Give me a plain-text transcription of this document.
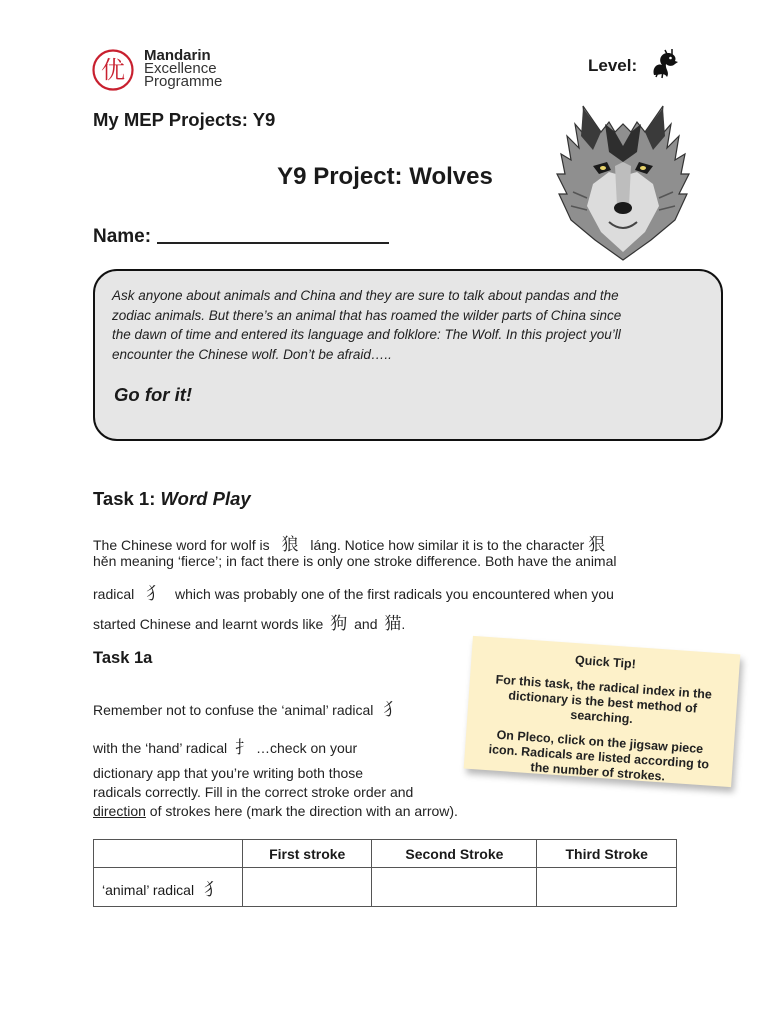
优
Mandarin
Excellence
Programme
Level:
My MEP Projects: Y9
Y9 Project: Wolves
Name:
Ask anyone about animals and China and they are sure to talk about pandas and the
zodiac animals. But there’s an animal that has roamed the wilder parts of China since
the dawn of time and entered its language and folklore: The Wolf. In this project you’ll
encounter the Chinese wolf. Don’t be afraid…..
Go for it!
Task 1: Word Play
The Chinese word for wolf is 狼 láng. Notice how similar it is to the character 狠
hěn meaning ‘fierce’; in fact there is only one stroke difference. Both have the animal
radical 犭 which was probably one of the first radicals you encountered when you
started Chinese and learnt words like 狗 and 猫.
Task 1a
Remember not to confuse the ‘animal’ radical 犭
with the ‘hand’ radical 扌 …check on your
dictionary app that you’re writing both those
radicals correctly. Fill in the correct stroke order and
direction of strokes here (mark the direction with an arrow).
Quick Tip!
For this task, the radical index in the dictionary is the best method of searching.
On Pleco, click on the jigsaw piece icon. Radicals are listed according to the number of strokes.
	First stroke	Second Stroke	Third Stroke
‘animal’ radical 犭			
